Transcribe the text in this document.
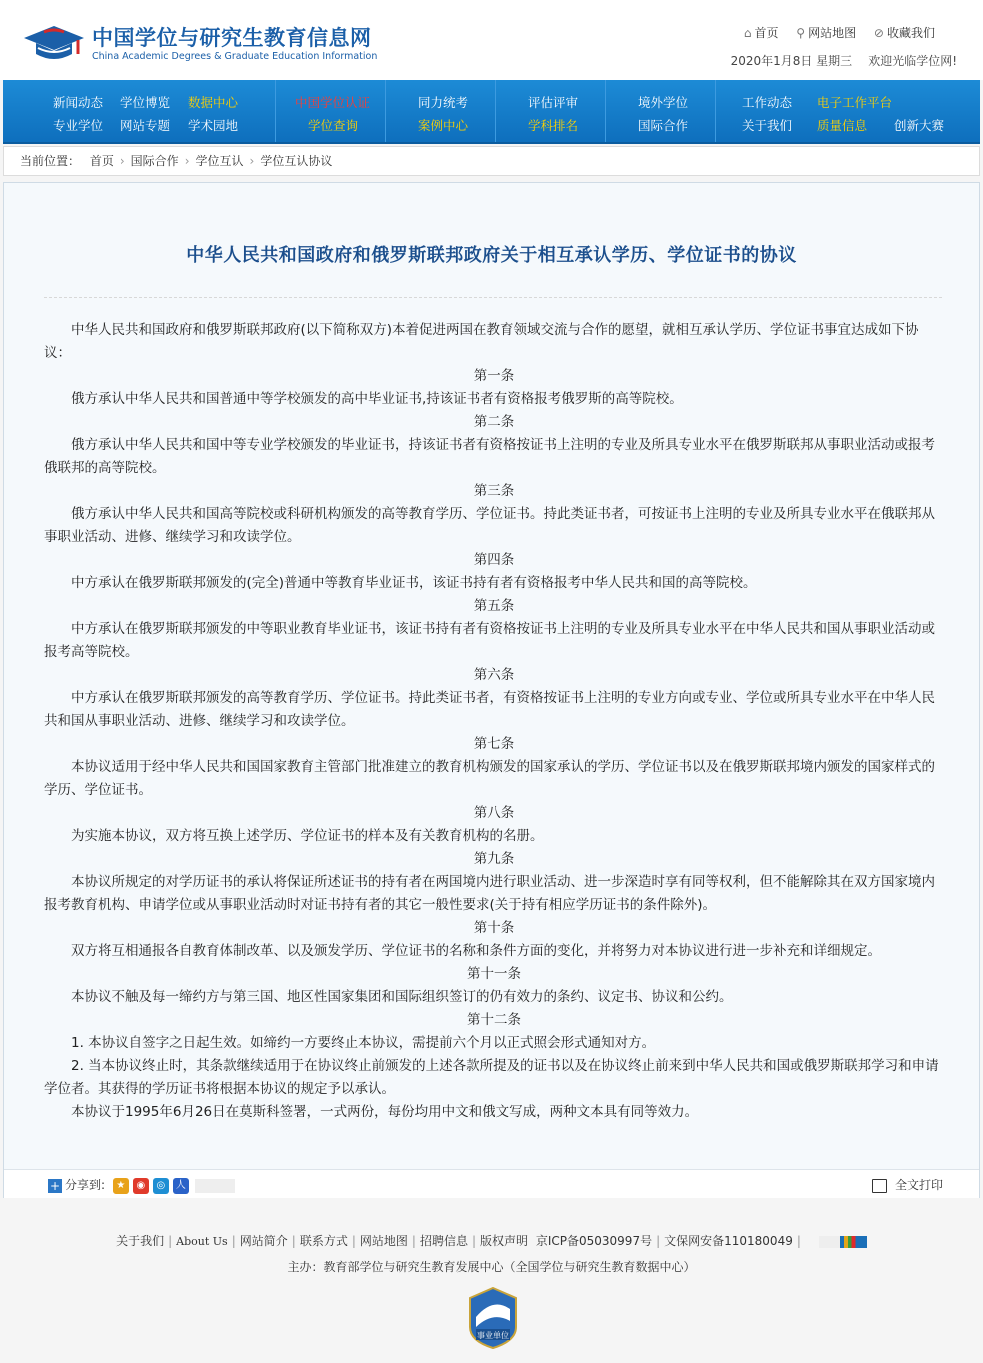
中国学位与研究生教育信息网
China Academic Degrees & Graduate Education Information
⌂ 首页 ⚲ 网站地图 ⊘ 收藏我们
2020年1月8日 星期三 欢迎光临学位网!
新闻动态 学位博览 数据中心
专业学位 网站专题 学术园地
中国学位认证
学位查询
同力统考
案例中心
评估评审
学科排名
境外学位
国际合作
工作动态 电子工作平台
关于我们 质量信息 创新大赛
当前位置： 首页 › 国际合作 › 学位互认 › 学位互认协议
中华人民共和国政府和俄罗斯联邦政府关于相互承认学历、学位证书的协议

中华人民共和国政府和俄罗斯联邦政府(以下简称双方)本着促进两国在教育领域交流与合作的愿望，就相互承认学历、学位证书事宜达成如下协议：

第一条

俄方承认中华人民共和国普通中等学校颁发的高中毕业证书,持该证书者有资格报考俄罗斯的高等院校。

第二条

俄方承认中华人民共和国中等专业学校颁发的毕业证书，持该证书者有资格按证书上注明的专业及所具专业水平在俄罗斯联邦从事职业活动或报考俄联邦的高等院校。

第三条

俄方承认中华人民共和国高等院校或科研机构颁发的高等教育学历、学位证书。持此类证书者，可按证书上注明的专业及所具专业水平在俄联邦从事职业活动、进修、继续学习和攻读学位。

第四条

中方承认在俄罗斯联邦颁发的(完全)普通中等教育毕业证书，该证书持有者有资格报考中华人民共和国的高等院校。

第五条

中方承认在俄罗斯联邦颁发的中等职业教育毕业证书，该证书持有者有资格按证书上注明的专业及所具专业水平在中华人民共和国从事职业活动或报考高等院校。

第六条

中方承认在俄罗斯联邦颁发的高等教育学历、学位证书。持此类证书者，有资格按证书上注明的专业方向或专业、学位或所具专业水平在中华人民共和国从事职业活动、进修、继续学习和攻读学位。

第七条

本协议适用于经中华人民共和国国家教育主管部门批准建立的教育机构颁发的国家承认的学历、学位证书以及在俄罗斯联邦境内颁发的国家样式的学历、学位证书。

第八条

为实施本协议，双方将互换上述学历、学位证书的样本及有关教育机构的名册。

第九条

本协议所规定的对学历证书的承认将保证所述证书的持有者在两国境内进行职业活动、进一步深造时享有同等权利，但不能解除其在双方国家境内报考教育机构、申请学位或从事职业活动时对证书持有者的其它一般性要求(关于持有相应学历证书的条件除外)。

第十条

双方将互相通报各自教育体制改革、以及颁发学历、学位证书的名称和条件方面的变化，并将努力对本协议进行进一步补充和详细规定。

第十一条

本协议不触及每一缔约方与第三国、地区性国家集团和国际组织签订的仍有效力的条约、议定书、协议和公约。

第十二条

1. 本协议自签字之日起生效。如缔约一方要终止本协议，需提前六个月以正式照会形式通知对方。

2. 当本协议终止时，其条款继续适用于在协议终止前颁发的上述各款所提及的证书以及在协议终止前来到中华人民共和国或俄罗斯联邦学习和申请学位者。其获得的学历证书将根据本协议的规定予以承认。

本协议于1995年6月26日在莫斯科签署，一式两份，每份均用中文和俄文写成，两种文本具有同等效力。

+ 分享到: ★ ◉ ◎ 人	全文打印
关于我们 | About Us | 网站简介 | 联系方式 | 网站地图 | 招聘信息 | 版权声明 京ICP备05030997号 | 文保网安备110180049 |
主办：教育部学位与研究生教育发展中心（全国学位与研究生教育数据中心）
事业单位
